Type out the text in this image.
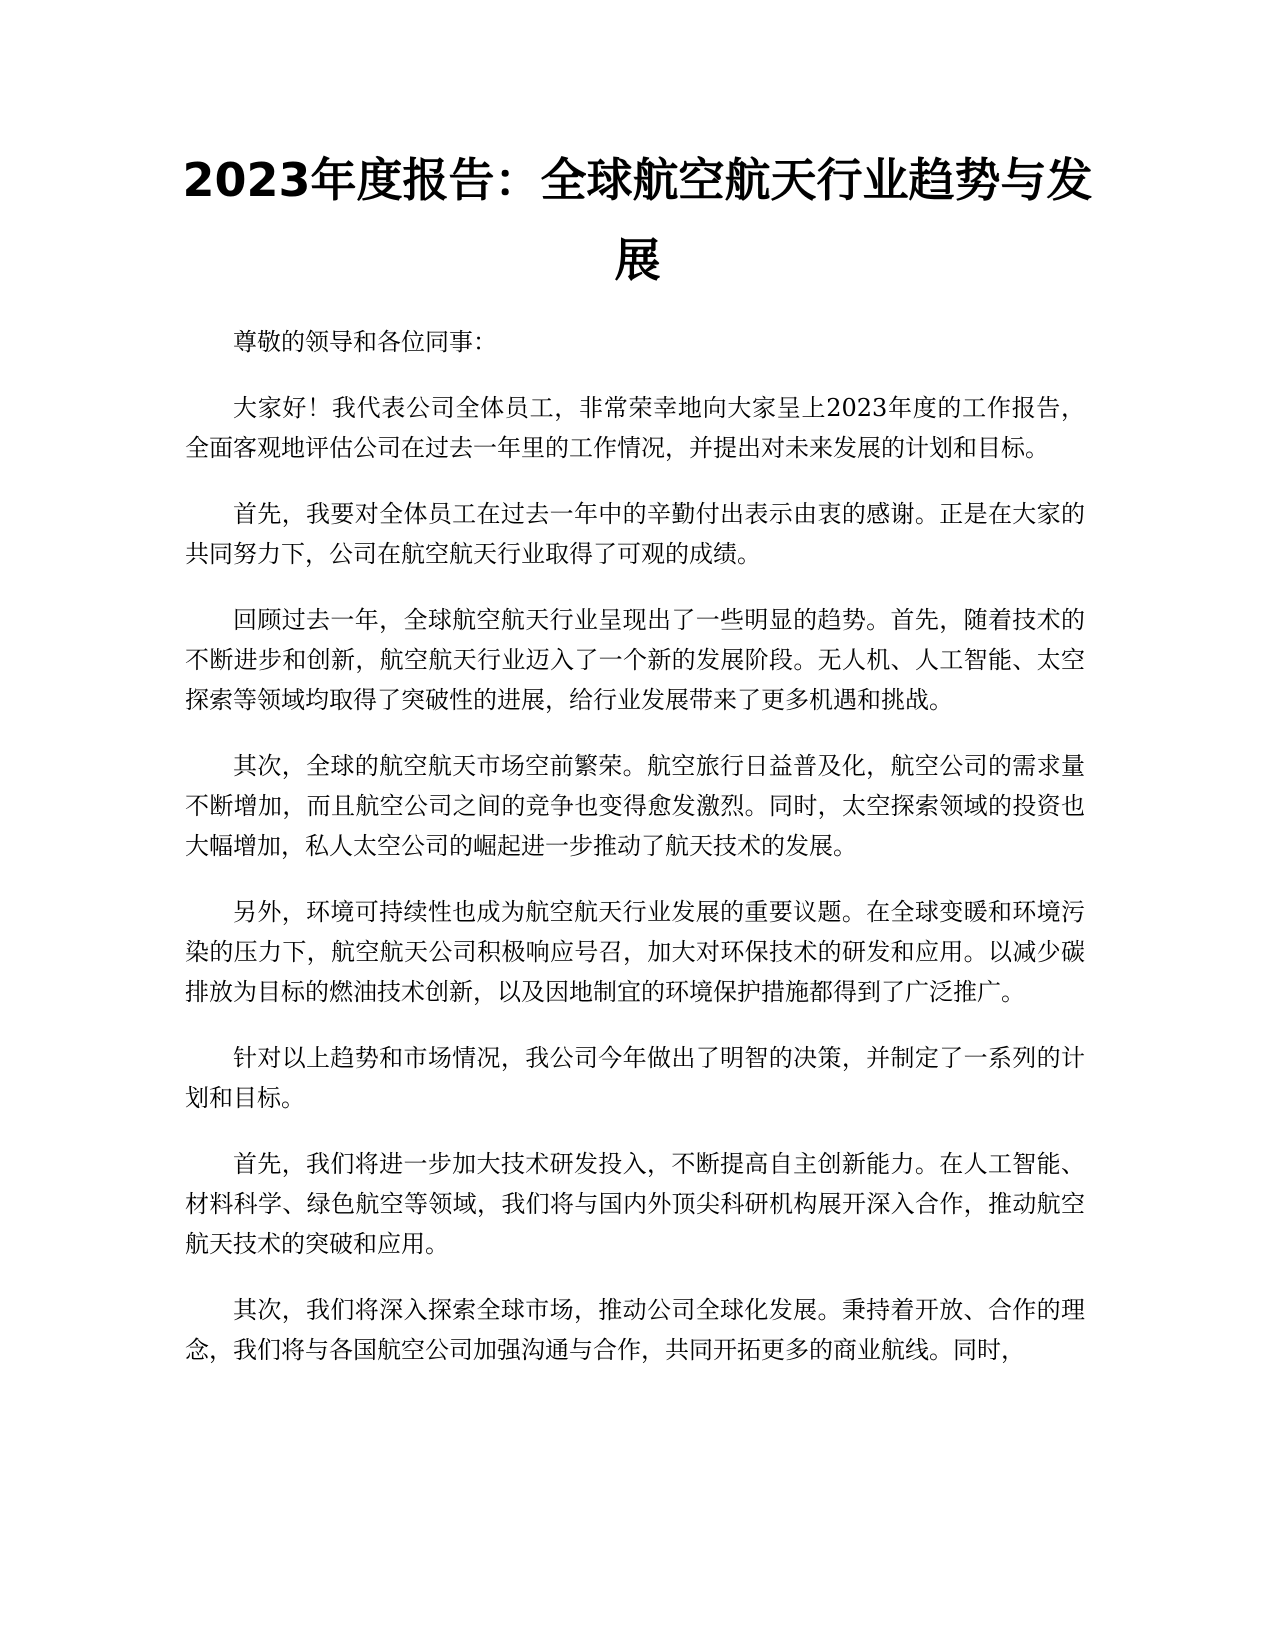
2023年度报告：全球航空航天行业趋势与发展

尊敬的领导和各位同事：

大家好！我代表公司全体员工，非常荣幸地向大家呈上2023年度的工作报告，全面客观地评估公司在过去一年里的工作情况，并提出对未来发展的计划和目标。

首先，我要对全体员工在过去一年中的辛勤付出表示由衷的感谢。正是在大家的共同努力下，公司在航空航天行业取得了可观的成绩。

回顾过去一年，全球航空航天行业呈现出了一些明显的趋势。首先，随着技术的不断进步和创新，航空航天行业迈入了一个新的发展阶段。无人机、人工智能、太空探索等领域均取得了突破性的进展，给行业发展带来了更多机遇和挑战。

其次，全球的航空航天市场空前繁荣。航空旅行日益普及化，航空公司的需求量不断增加，而且航空公司之间的竞争也变得愈发激烈。同时，太空探索领域的投资也大幅增加，私人太空公司的崛起进一步推动了航天技术的发展。

另外，环境可持续性也成为航空航天行业发展的重要议题。在全球变暖和环境污染的压力下，航空航天公司积极响应号召，加大对环保技术的研发和应用。以减少碳排放为目标的燃油技术创新，以及因地制宜的环境保护措施都得到了广泛推广。

针对以上趋势和市场情况，我公司今年做出了明智的决策，并制定了一系列的计划和目标。

首先，我们将进一步加大技术研发投入，不断提高自主创新能力。在人工智能、材料科学、绿色航空等领域，我们将与国内外顶尖科研机构展开深入合作，推动航空航天技术的突破和应用。

其次，我们将深入探索全球市场，推动公司全球化发展。秉持着开放、合作的理念，我们将与各国航空公司加强沟通与合作，共同开拓更多的商业航线。同时，
